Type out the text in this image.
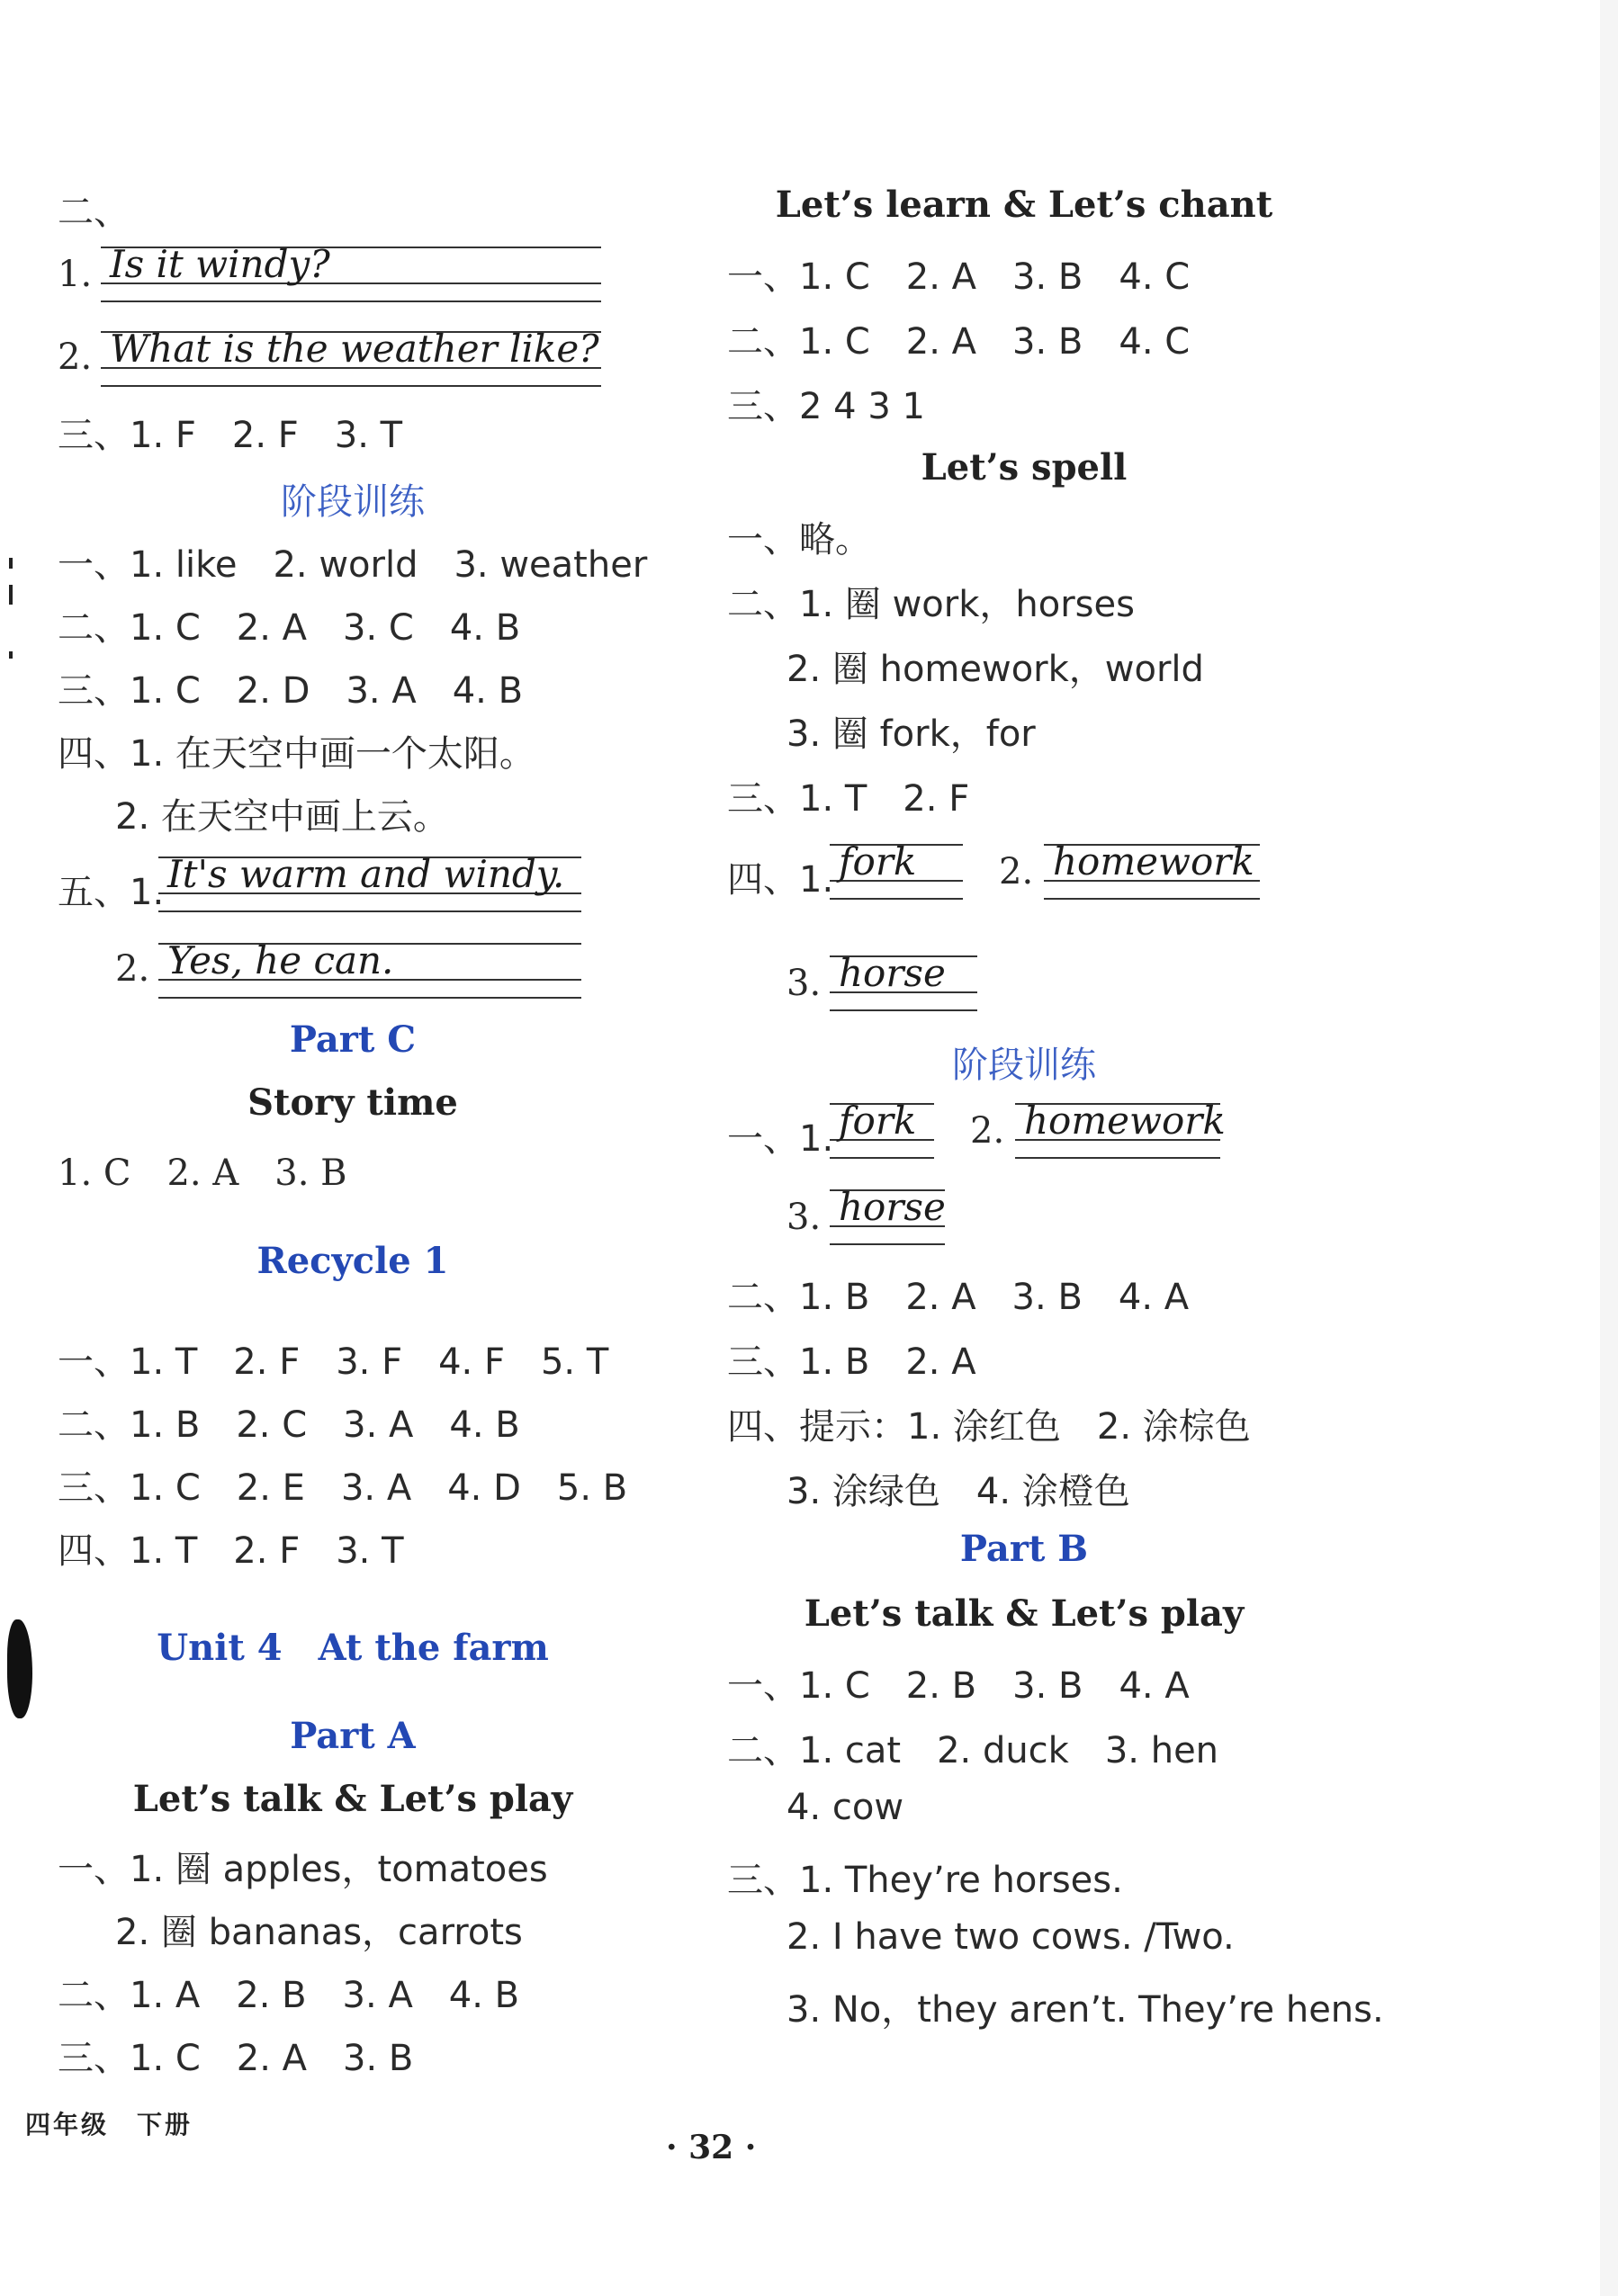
二、
1. Is it windy?
2. What is the weather like?
三、1. F　2. F　3. T
阶段训练
一、1. like　2. world　3. weather
二、1. C　2. A　3. C　4. B
三、1. C　2. D　3. A　4. B
四、1. 在天空中画一个太阳。
2. 在天空中画上云。
五、1. It's warm and windy.
2. Yes, he can.
Part C
Story time
1. C　2. A　3. B
Recycle 1
一、1. T　2. F　3. F　4. F　5. T
二、1. B　2. C　3. A　4. B
三、1. C　2. E　3. A　4. D　5. B
四、1. T　2. F　3. T
Unit 4　At the farm
Part A
Let’s talk & Let’s play
一、1. 圈 apples，tomatoes
2. 圈 bananas，carrots
二、1. A　2. B　3. A　4. B
三、1. C　2. A　3. B
Let’s learn & Let’s chant
一、1. C　2. A　3. B　4. C
二、1. C　2. A　3. B　4. C
三、2 4 3 1
Let’s spell
一、略。
二、1. 圈 work，horses
2. 圈 homework，world
3. 圈 fork，for
三、1. T　2. F
四、1. fork 2. homework
3. horse
阶段训练
一、1. fork 2. homework
3. horse
二、1. B　2. A　3. B　4. A
三、1. B　2. A
四、提示：1. 涂红色　2. 涂棕色
3. 涂绿色　4. 涂橙色
Part B
Let’s talk & Let’s play
一、1. C　2. B　3. B　4. A
二、1. cat　2. duck　3. hen
4. cow
三、1. They’re horses.
2. I have two cows. /Two.
3. No，they aren’t. They’re hens.
四年级　下册
· 32 ·
